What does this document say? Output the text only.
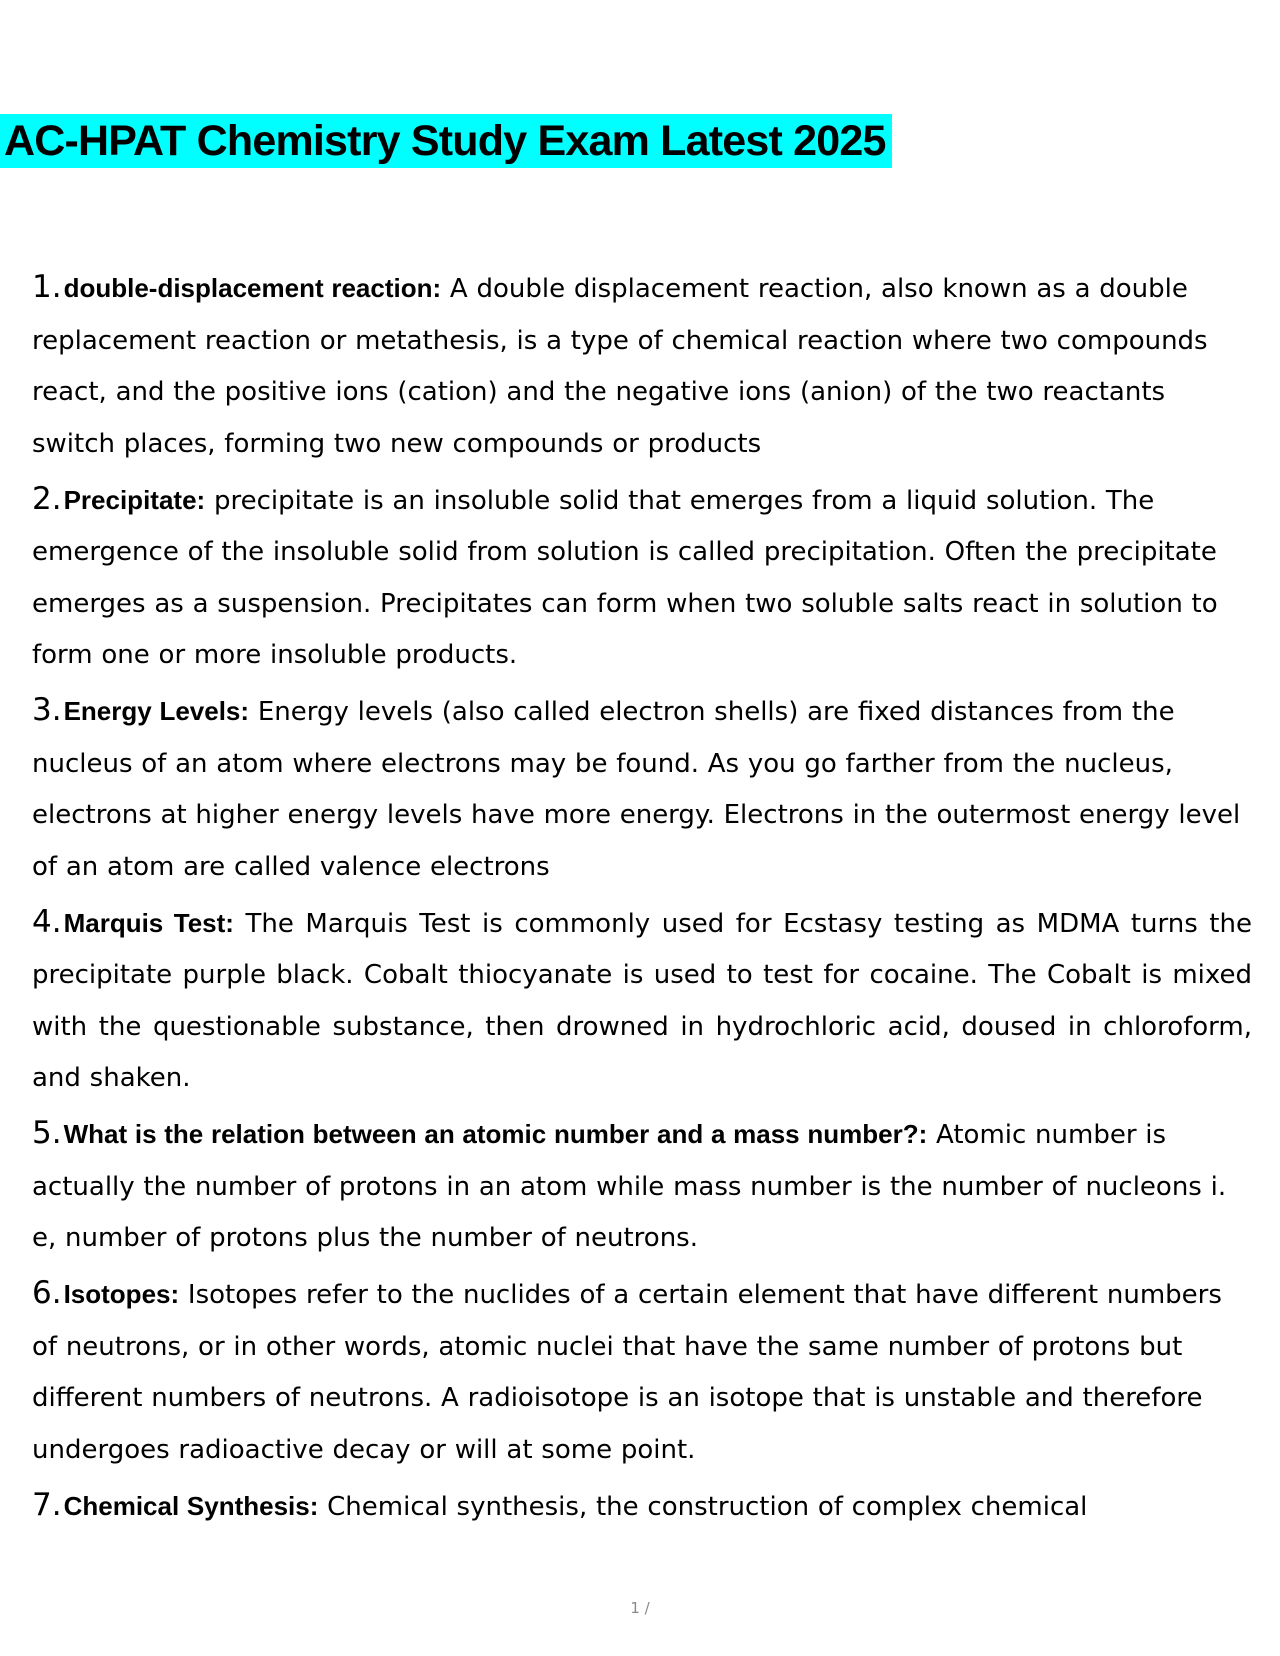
AC-HPAT Chemistry Study Exam Latest 2025

1.double-displacement reaction: A double displacement reaction, also known as a double replacement reaction or metathesis, is a type of chemical reaction where two compounds react, and the positive ions (cation) and the negative ions (anion) of the two reactants switch places, forming two new compounds or products

2.Precipitate: precipitate is an insoluble solid that emerges from a liquid solution. The emergence of the insoluble solid from solution is called precipitation. Often the precipitate emerges as a suspension. Precipitates can form when two soluble salts react in solution to form one or more insoluble products.

3.Energy Levels: Energy levels (also called electron shells) are fixed distances from the nucleus of an atom where electrons may be found. As you go farther from the nucleus, electrons at higher energy levels have more energy. Electrons in the outermost energy level of an atom are called valence electrons

4.Marquis Test: The Marquis Test is commonly used for Ecstasy testing as MDMA turns the precipitate purple black. Cobalt thiocyanate is used to test for cocaine. The Cobalt is mixed with the questionable substance, then drowned in hydrochloric acid, doused in chloroform, and shaken.

5.What is the relation between an atomic number and a mass number?: Atomic number is actually the number of protons in an atom while mass number is the number of nucleons i. e, number of protons plus the number of neutrons.

6.Isotopes: Isotopes refer to the nuclides of a certain element that have different numbers of neutrons, or in other words, atomic nuclei that have the same number of protons but different numbers of neutrons. A radioisotope is an isotope that is unstable and therefore undergoes radioactive decay or will at some point.

7.Chemical Synthesis: Chemical synthesis, the construction of complex chemical

1 /
